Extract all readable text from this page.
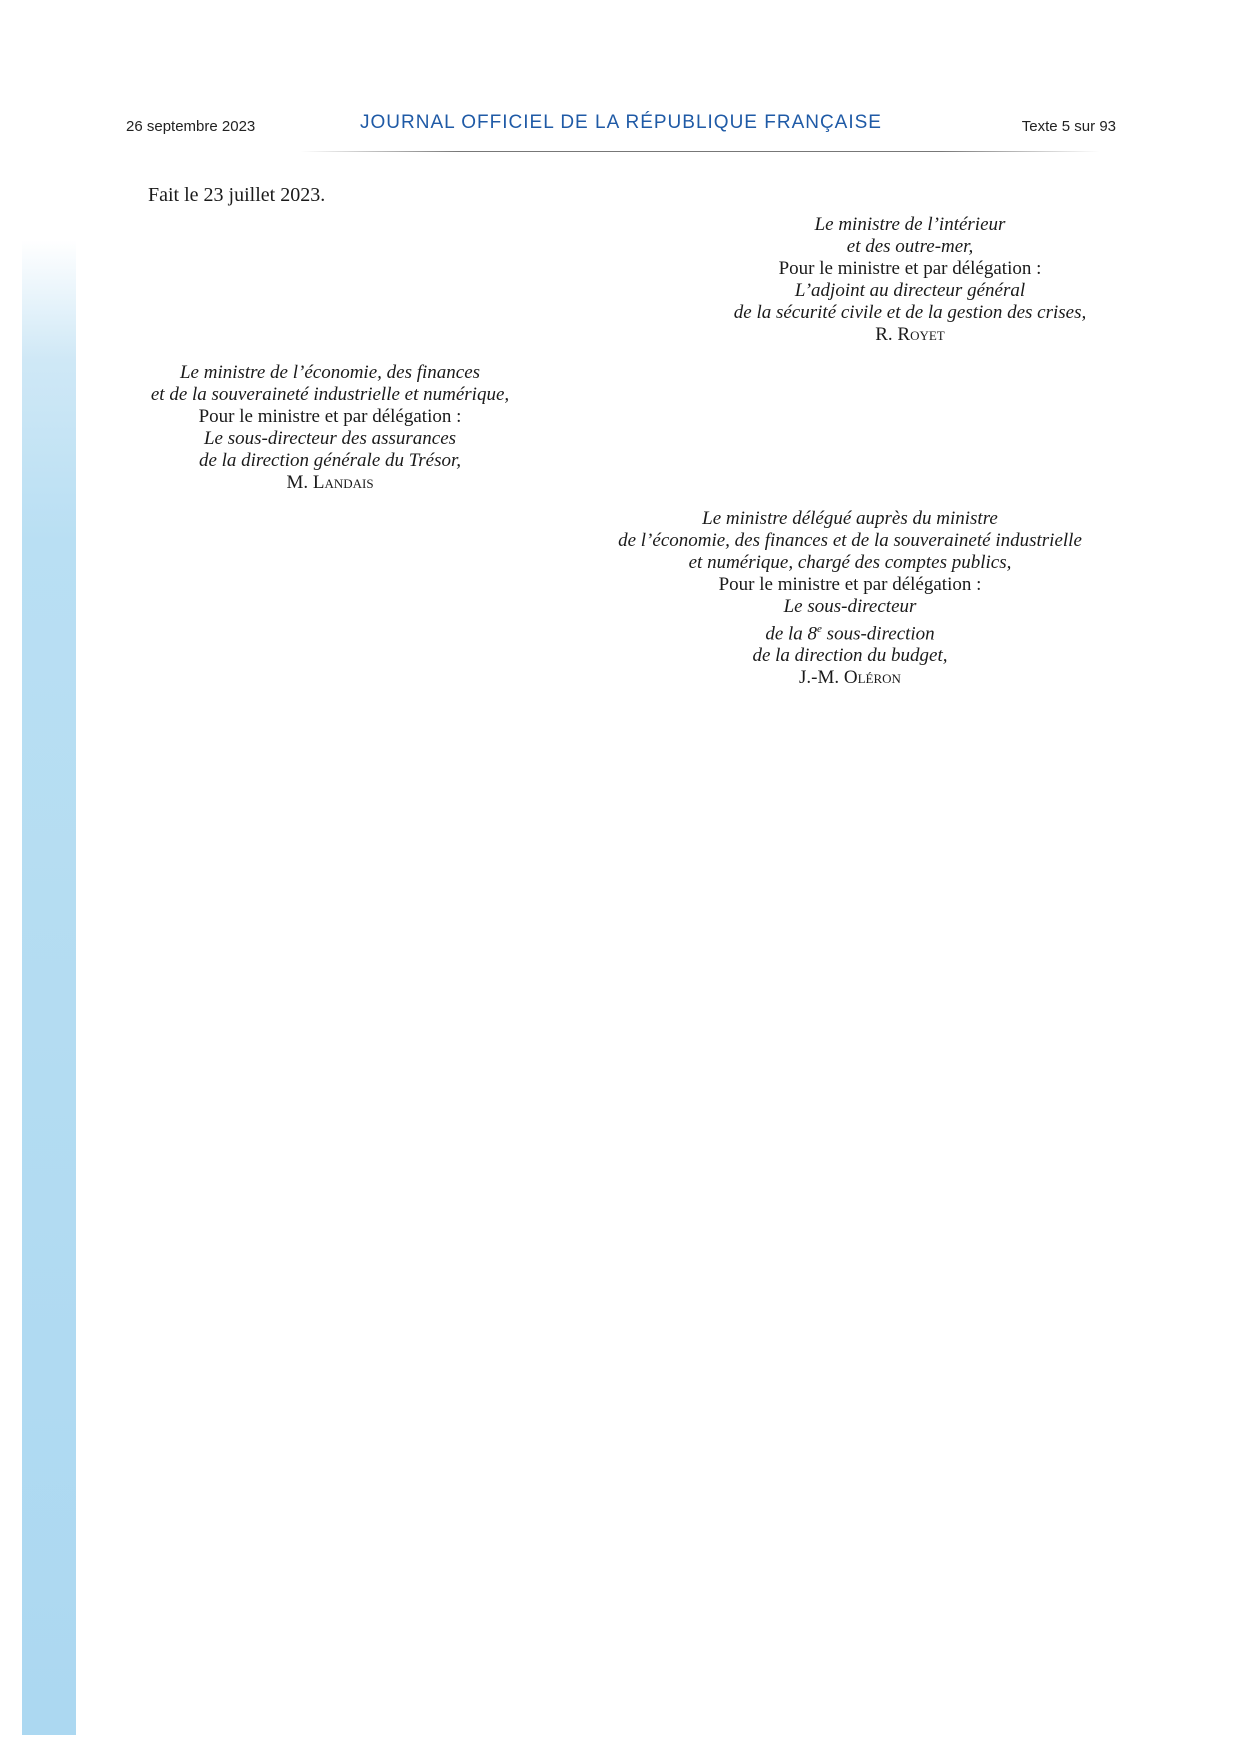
26 septembre 2023	JOURNAL OFFICIEL DE LA RÉPUBLIQUE FRANÇAISE	Texte 5 sur 93
Fait le 23 juillet 2023.
Le ministre de l’intérieur
et des outre-mer,
Pour le ministre et par délégation :
L’adjoint au directeur général
de la sécurité civile et de la gestion des crises,
R. Royet
Le ministre de l’économie, des finances
et de la souveraineté industrielle et numérique,
Pour le ministre et par délégation :
Le sous-directeur des assurances
de la direction générale du Trésor,
M. Landais
Le ministre délégué auprès du ministre
de l’économie, des finances et de la souveraineté industrielle
et numérique, chargé des comptes publics,
Pour le ministre et par délégation :
Le sous-directeur
de la 8e sous-direction
de la direction du budget,
J.-M. Oléron
